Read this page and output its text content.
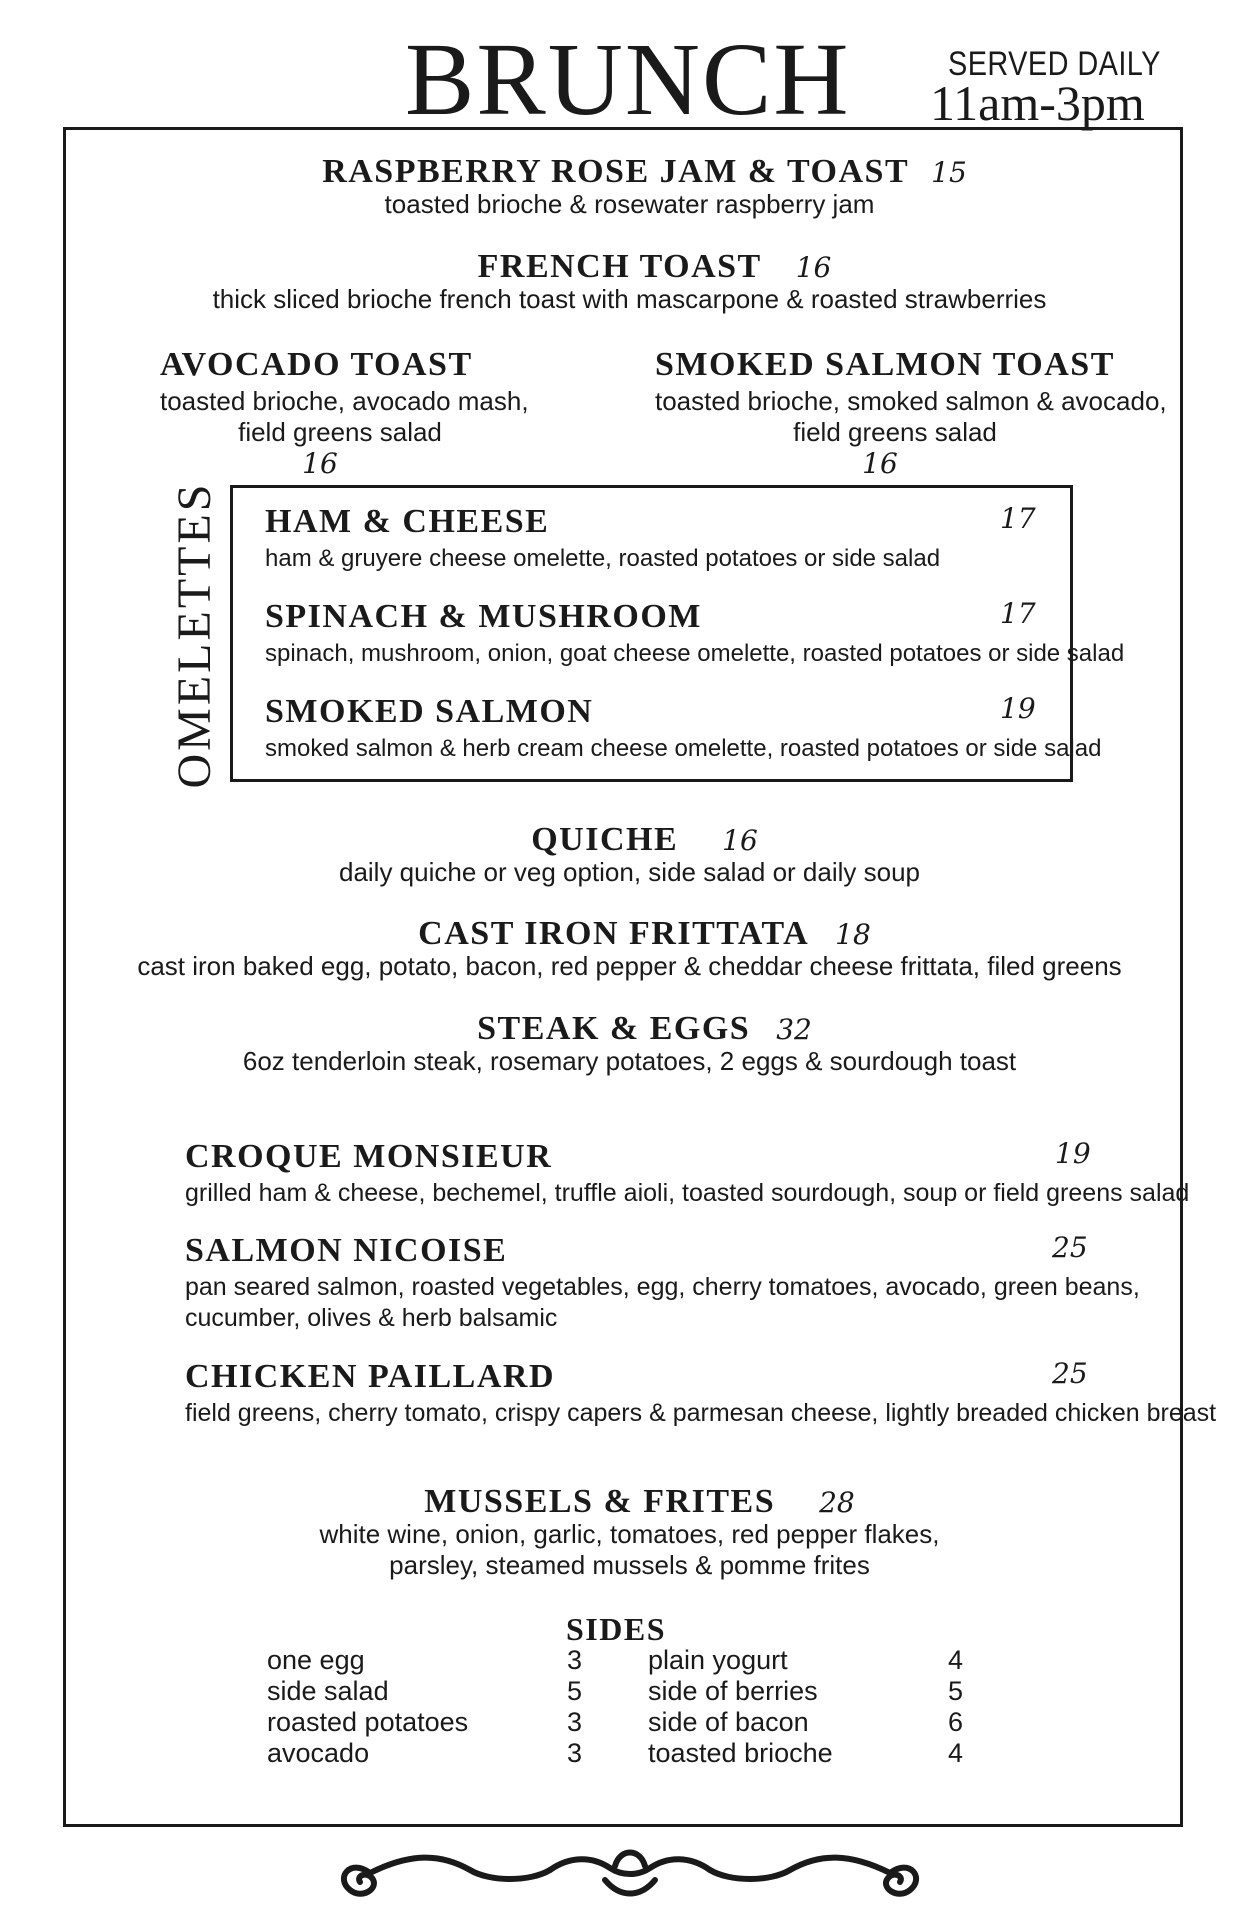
BRUNCH	SERVED DAILY
11am-3pm
RASPBERRY ROSE JAM & TOAST 15
toasted brioche & rosewater raspberry jam
FRENCH TOAST 16
thick sliced brioche french toast with mascarpone & roasted strawberries
AVOCADO TOAST
toasted brioche, avocado mash,
field greens salad
16
SMOKED SALMON TOAST
toasted brioche, smoked salmon & avocado,
field greens salad
16
OMELETTES HAM & CHEESE
ham & gruyere cheese omelette, roasted potatoes or side salad
17
SPINACH & MUSHROOM
spinach, mushroom, onion, goat cheese omelette, roasted potatoes or side salad
17
SMOKED SALMON
smoked salmon & herb cream cheese omelette, roasted potatoes or side salad
19
QUICHE 16
daily quiche or veg option, side salad or daily soup
CAST IRON FRITTATA 18
cast iron baked egg, potato, bacon, red pepper & cheddar cheese frittata, filed greens
STEAK & EGGS 32
6oz tenderloin steak, rosemary potatoes, 2 eggs & sourdough toast
CROQUE MONSIEUR
grilled ham & cheese, bechemel, truffle aioli, toasted sourdough, soup or field greens salad
19
SALMON NICOISE
pan seared salmon, roasted vegetables, egg, cherry tomatoes, avocado, green beans,
cucumber, olives & herb balsamic
25
CHICKEN PAILLARD
field greens, cherry tomato, crispy capers & parmesan cheese, lightly breaded chicken breast
25
MUSSELS & FRITES 28
white wine, onion, garlic, tomatoes, red pepper flakes,
parsley, steamed mussels & pomme frites
SIDES
one egg	3
side salad	5
roasted potatoes	3
avocado	3
plain yogurt	4
side of berries	5
side of bacon	6
toasted brioche	4
